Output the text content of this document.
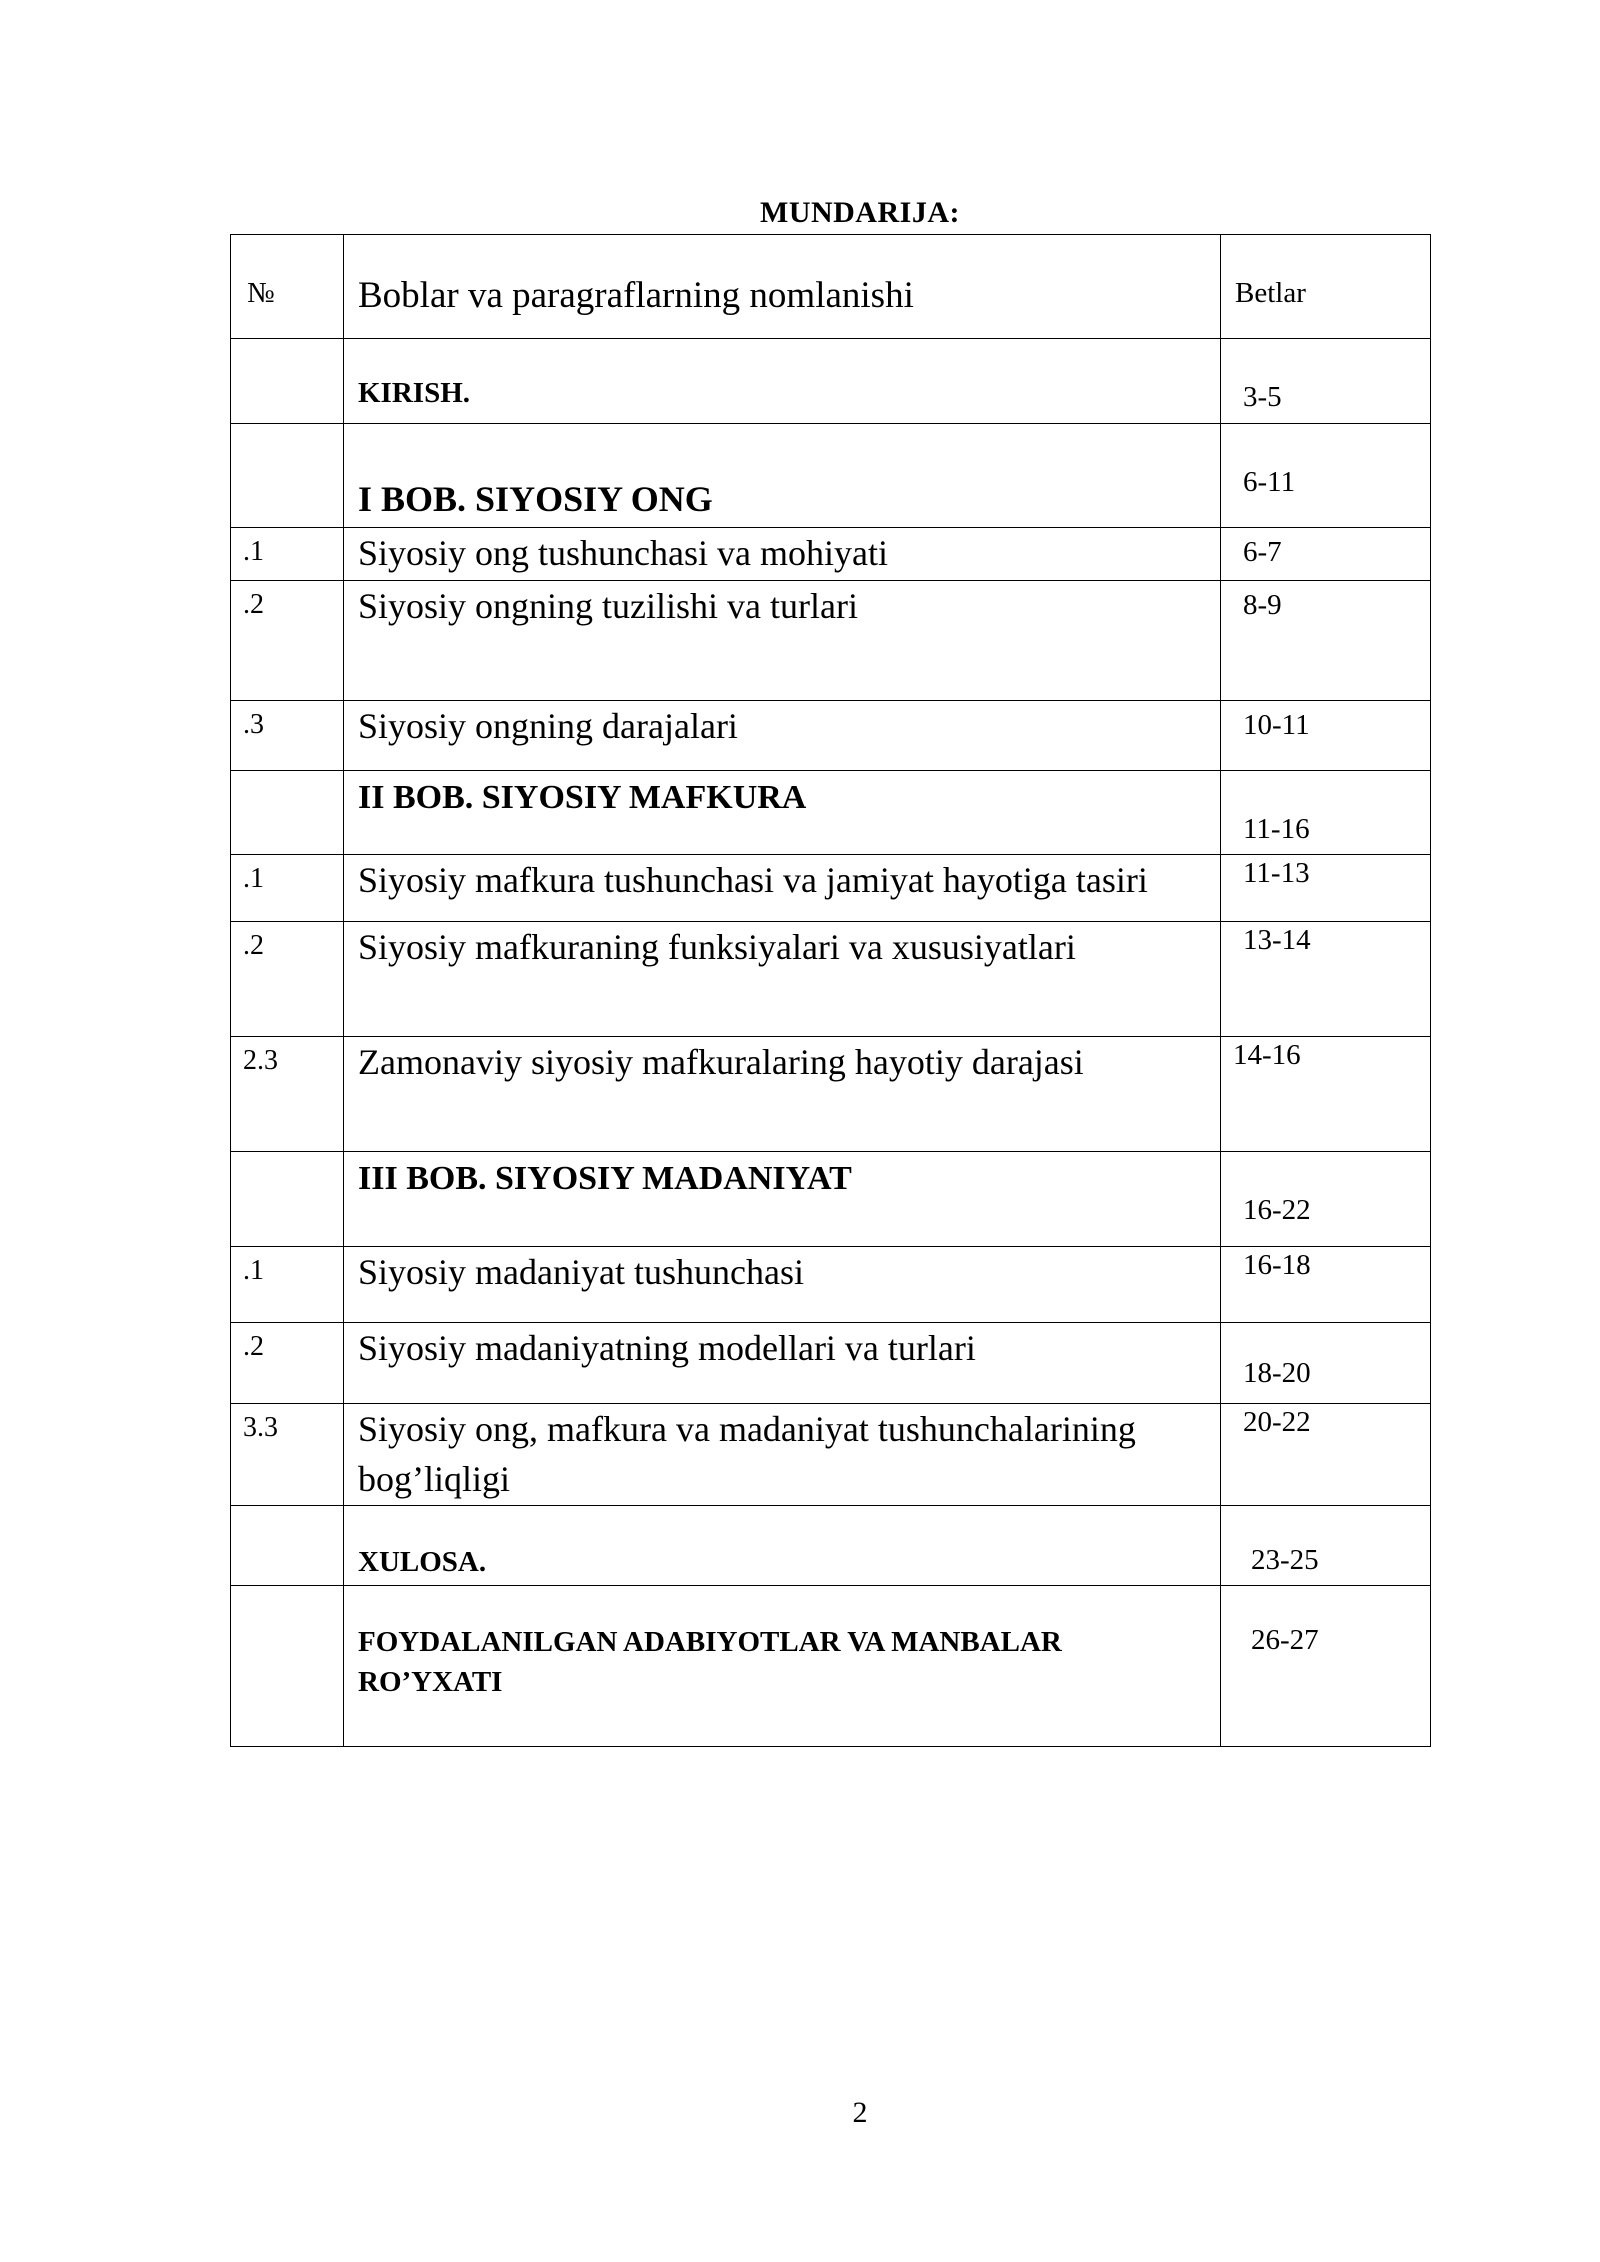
MUNDARIJA:
№	Boblar va paragraflarning nomlanishi	Betlar

	KIRISH.	3-5

	I BOB. SIYOSIY ONG	6-11

.1	Siyosiy ong tushunchasi va mohiyati	6-7

.2	Siyosiy ongning tuzilishi va turlari	8-9

.3	Siyosiy ongning darajalari	10-11

	II BOB. SIYOSIY MAFKURA	11-16

.1	Siyosiy mafkura tushunchasi va jamiyat hayotiga tasiri	11-13

.2	Siyosiy mafkuraning funksiyalari va xususiyatlari	13-14

2.3	Zamonaviy siyosiy mafkuralaring hayotiy darajasi	14-16

	III BOB. SIYOSIY MADANIYAT	16-22

.1	Siyosiy madaniyat tushunchasi	16-18

.2	Siyosiy madaniyatning modellari va turlari	18-20

3.3	Siyosiy ong, mafkura va madaniyat tushunchalarining bog’liqligi	20-22

	XULOSA.	23-25

	FOYDALANILGAN ADABIYOTLAR VA MANBALAR RO’YXATI	26-27
2
